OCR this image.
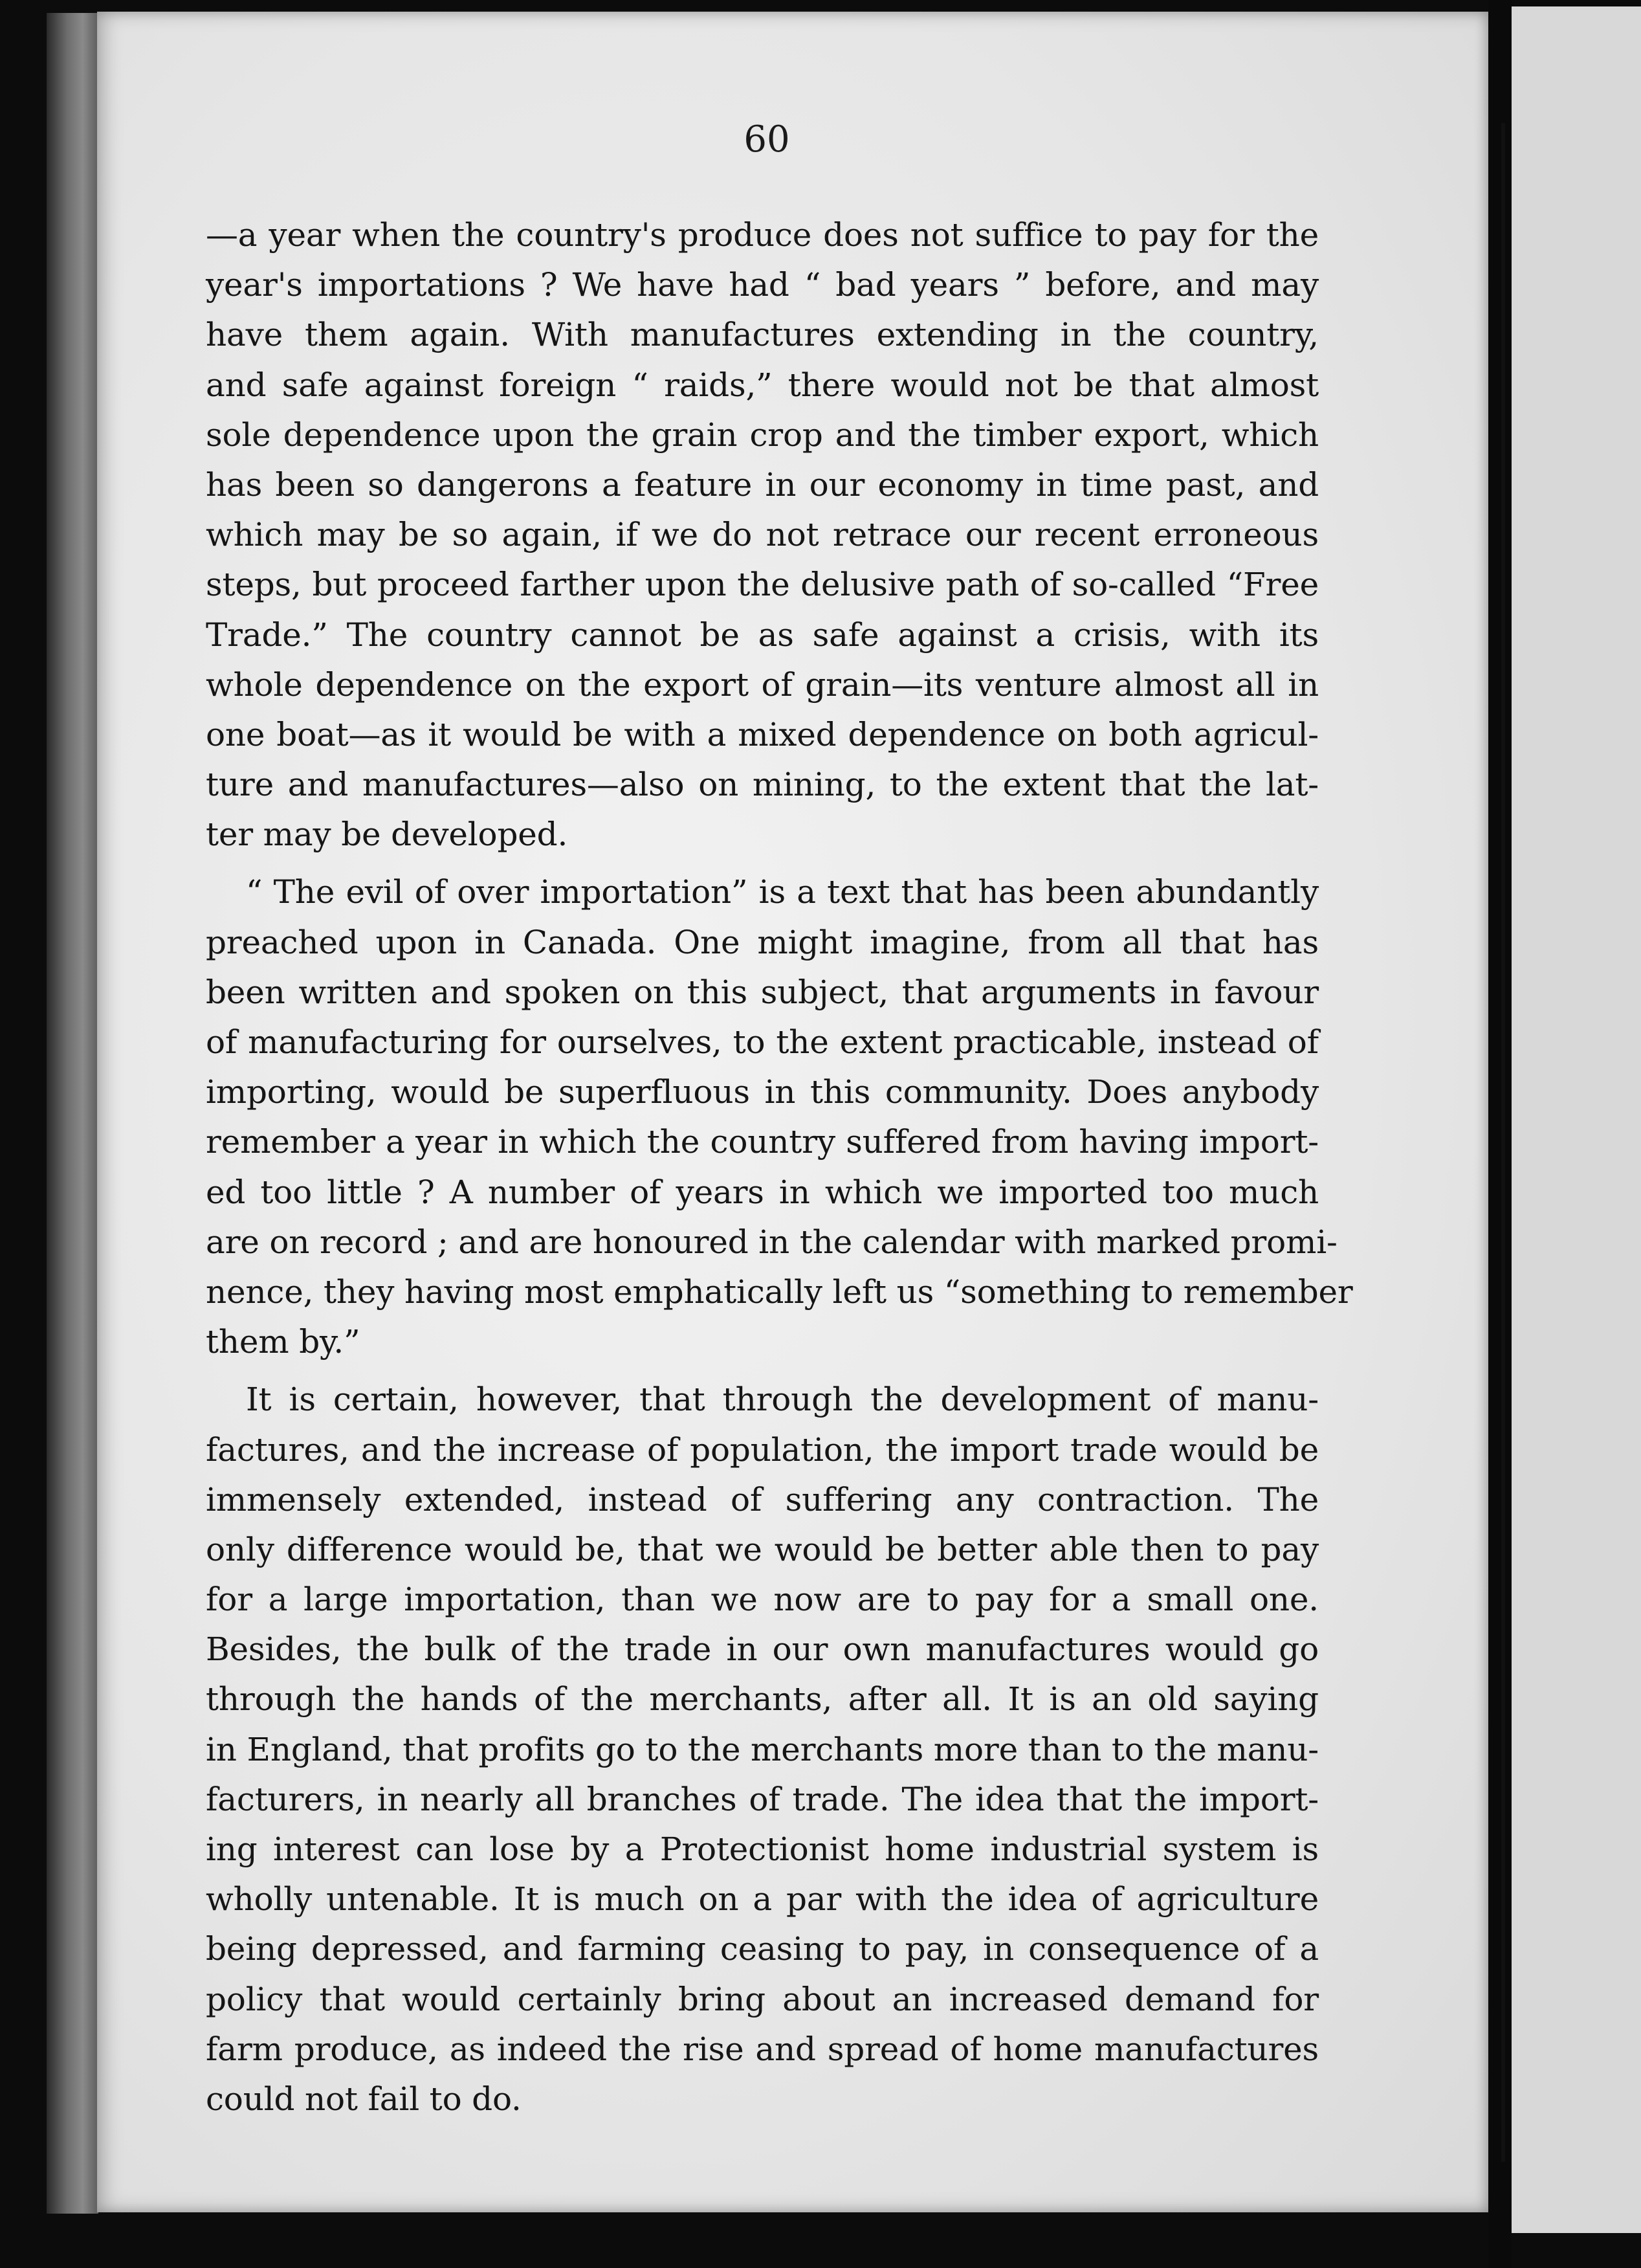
60
—a year when the country's produce does not suffice to pay for the
year's importations ? We have had “ bad years ” before, and may
have them again. With manufactures extending in the country,
and safe against foreign “ raids,” there would not be that almost
sole dependence upon the grain crop and the timber export, which
has been so dangerons a feature in our economy in time past, and
which may be so again, if we do not retrace our recent erroneous
steps, but proceed farther upon the delusive path of so-called “Free
Trade.” The country cannot be as safe against a crisis, with its
whole dependence on the export of grain—its venture almost all in
one boat—as it would be with a mixed dependence on both agricul-
ture and manufactures—also on mining, to the extent that the lat-
ter may be developed.
“ The evil of over importation” is a text that has been abundantly
preached upon in Canada. One might imagine, from all that has
been written and spoken on this subject, that arguments in favour
of manufacturing for ourselves, to the extent practicable, instead of
importing, would be superfluous in this community. Does anybody
remember a year in which the country suffered from having import-
ed too little ? A number of years in which we imported too much
are on record ; and are honoured in the calendar with marked promi-
nence, they having most emphatically left us “something to remember
them by.”
It is certain, however, that through the development of manu-
factures, and the increase of population, the import trade would be
immensely extended, instead of suffering any contraction. The
only difference would be, that we would be better able then to pay
for a large importation, than we now are to pay for a small one.
Besides, the bulk of the trade in our own manufactures would go
through the hands of the merchants, after all. It is an old saying
in England, that profits go to the merchants more than to the manu-
facturers, in nearly all branches of trade. The idea that the import-
ing interest can lose by a Protectionist home industrial system is
wholly untenable. It is much on a par with the idea of agriculture
being depressed, and farming ceasing to pay, in consequence of a
policy that would certainly bring about an increased demand for
farm produce, as indeed the rise and spread of home manufactures
could not fail to do.
